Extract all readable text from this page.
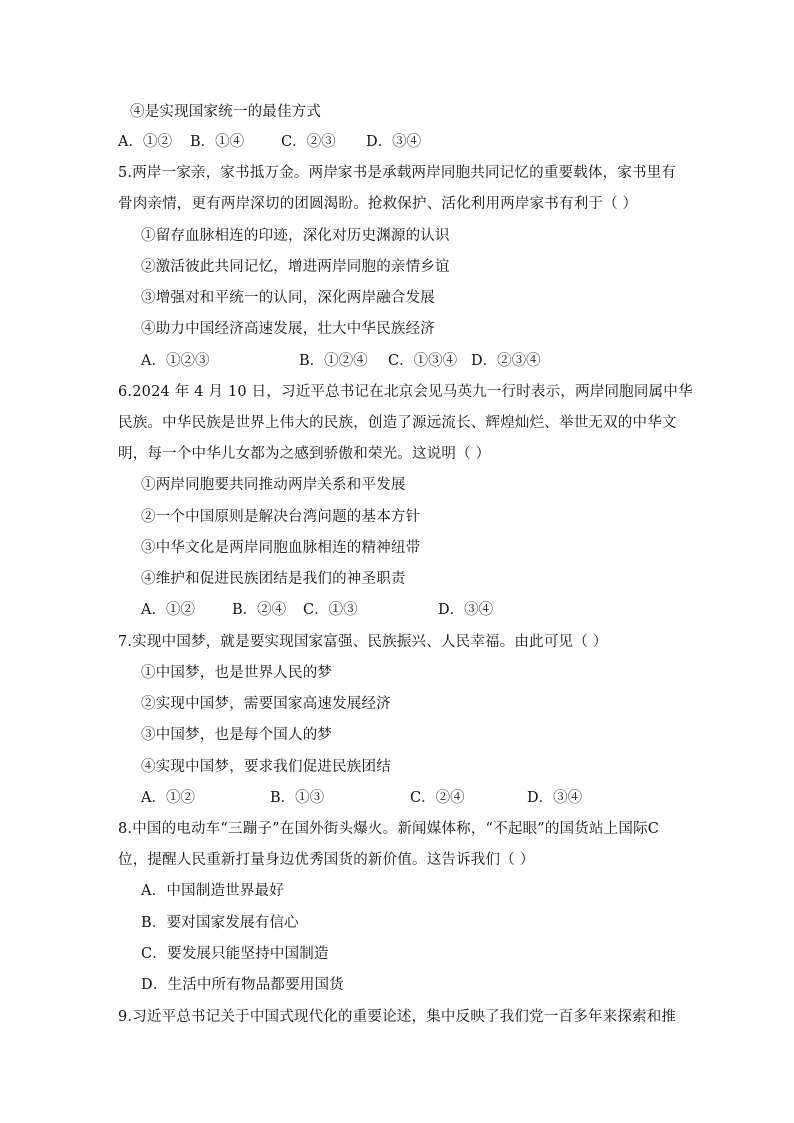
④是实现国家统一的最佳方式
A．①② B．①④	C．②③ D．③④
5.两岸一家亲，家书抵万金。两岸家书是承载两岸同胞共同记忆的重要载体，家书里有
骨肉亲情，更有两岸深切的团圆渴盼。抢救保护、活化利用两岸家书有利于（ ）
①留存血脉相连的印迹，深化对历史渊源的认识
②激活彼此共同记忆，增进两岸同胞的亲情乡谊
③增强对和平统一的认同，深化两岸融合发展
④助力中国经济高速发展，壮大中华民族经济
A．①②③	B．①②④ C．①③④ D．②③④
6.2024 年 4 月 10 日，习近平总书记在北京会见马英九一行时表示，两岸同胞同属中华
民族。中华民族是世界上伟大的民族，创造了源远流长、辉煌灿烂、举世无双的中华文
明，每一个中华儿女都为之感到骄傲和荣光。这说明（ ）
①两岸同胞要共同推动两岸关系和平发展
②一个中国原则是解决台湾问题的基本方针
③中华文化是两岸同胞血脉相连的精神纽带
④维护和促进民族团结是我们的神圣职责
A．①②	B．②④ C．①③	D．③④
7.实现中国梦，就是要实现国家富强、民族振兴、人民幸福。由此可见（ ）
①中国梦，也是世界人民的梦
②实现中国梦，需要国家高速发展经济
③中国梦，也是每个国人的梦
④实现中国梦，要求我们促进民族团结
A．①②	B．①③	C．②④	D．③④
8.中国的电动车“三蹦子”在国外街头爆火。新闻媒体称，“不起眼”的国货站上国际C
位，提醒人民重新打量身边优秀国货的新价值。这告诉我们（ ）
A．中国制造世界最好
B．要对国家发展有信心
C．要发展只能坚持中国制造
D．生活中所有物品都要用国货
9.习近平总书记关于中国式现代化的重要论述，集中反映了我们党一百多年来探索和推
